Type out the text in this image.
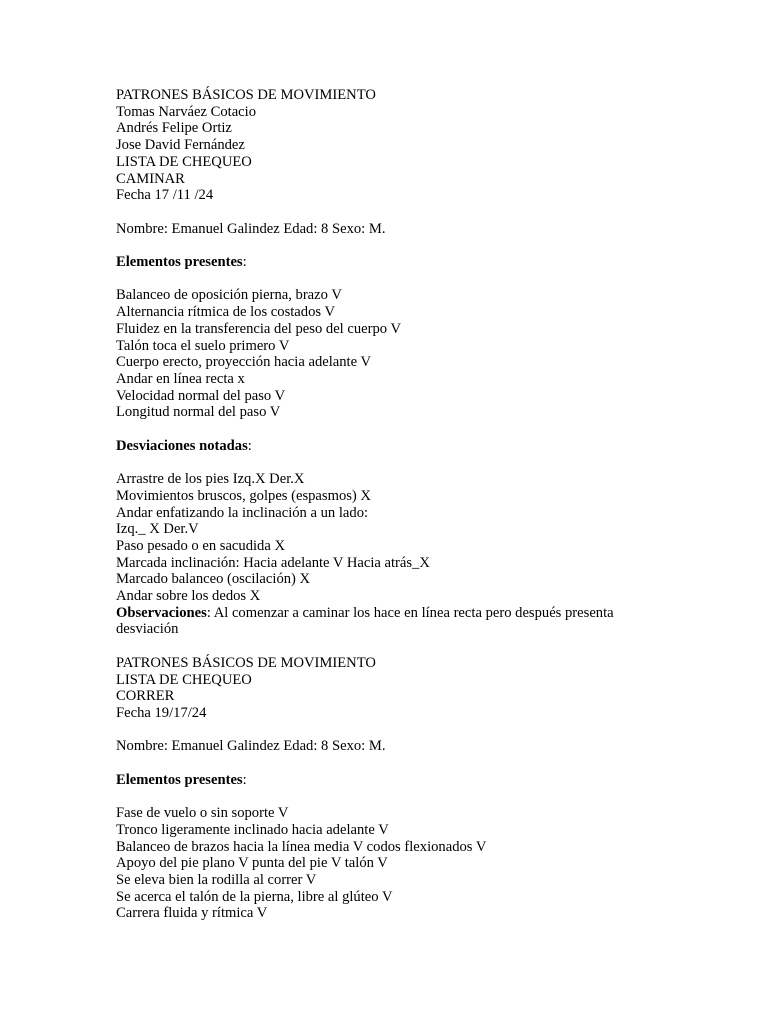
PATRONES BÁSICOS DE MOVIMIENTO
Tomas Narváez Cotacio
Andrés Felipe Ortiz
Jose David Fernández
LISTA DE CHEQUEO
CAMINAR
Fecha 17 /11 /24
Nombre: Emanuel Galindez Edad: 8 Sexo: M.
Elementos presentes:
Balanceo de oposición pierna, brazo V
Alternancia rítmica de los costados V
Fluidez en la transferencia del peso del cuerpo V
Talón toca el suelo primero V
Cuerpo erecto, proyección hacia adelante V
Andar en línea recta x
Velocidad normal del paso V
Longitud normal del paso V
Desviaciones notadas:
Arrastre de los pies Izq.X Der.X
Movimientos bruscos, golpes (espasmos) X
Andar enfatizando la inclinación a un lado:
Izq._ X Der.V
Paso pesado o en sacudida X
Marcada inclinación: Hacia adelante V Hacia atrás_X
Marcado balanceo (oscilación) X
Andar sobre los dedos X
Observaciones: Al comenzar a caminar los hace en línea recta pero después presenta desviación
PATRONES BÁSICOS DE MOVIMIENTO
LISTA DE CHEQUEO
CORRER
Fecha 19/17/24
Nombre: Emanuel Galindez Edad: 8 Sexo: M.
Elementos presentes:
Fase de vuelo o sin soporte V
Tronco ligeramente inclinado hacia adelante V
Balanceo de brazos hacia la línea media V codos flexionados V
Apoyo del pie plano V punta del pie V talón V
Se eleva bien la rodilla al correr V
Se acerca el talón de la pierna, libre al glúteo V
Carrera fluida y rítmica V
